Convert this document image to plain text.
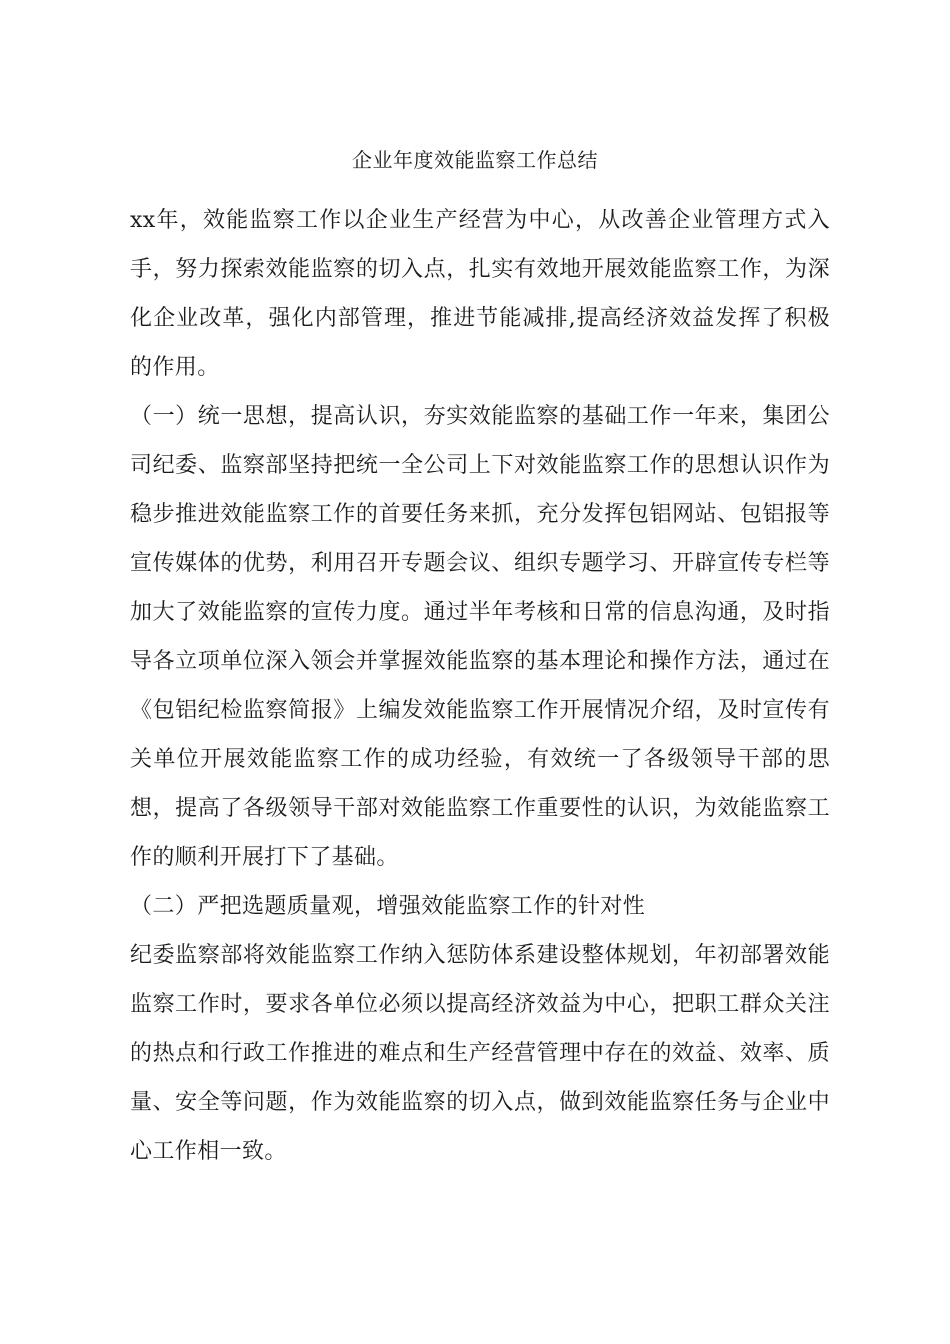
企业年度效能监察工作总结

xx年，效能监察工作以企业生产经营为中心，从改善企业管理方式入手，努力探索效能监察的切入点，扎实有效地开展效能监察工作，为深化企业改革，强化内部管理，推进节能减排,提高经济效益发挥了积极的作用。

（一）统一思想，提高认识，夯实效能监察的基础工作一年来，集团公司纪委、监察部坚持把统一全公司上下对效能监察工作的思想认识作为稳步推进效能监察工作的首要任务来抓，充分发挥包铝网站、包铝报等宣传媒体的优势，利用召开专题会议、组织专题学习、开辟宣传专栏等加大了效能监察的宣传力度。通过半年考核和日常的信息沟通，及时指导各立项单位深入领会并掌握效能监察的基本理论和操作方法，通过在《包铝纪检监察简报》上编发效能监察工作开展情况介绍，及时宣传有关单位开展效能监察工作的成功经验，有效统一了各级领导干部的思想，提高了各级领导干部对效能监察工作重要性的认识，为效能监察工作的顺利开展打下了基础。

（二）严把选题质量观，增强效能监察工作的针对性

纪委监察部将效能监察工作纳入惩防体系建设整体规划，年初部署效能监察工作时，要求各单位必须以提高经济效益为中心，把职工群众关注的热点和行政工作推进的难点和生产经营管理中存在的效益、效率、质量、安全等问题，作为效能监察的切入点，做到效能监察任务与企业中心工作相一致。
